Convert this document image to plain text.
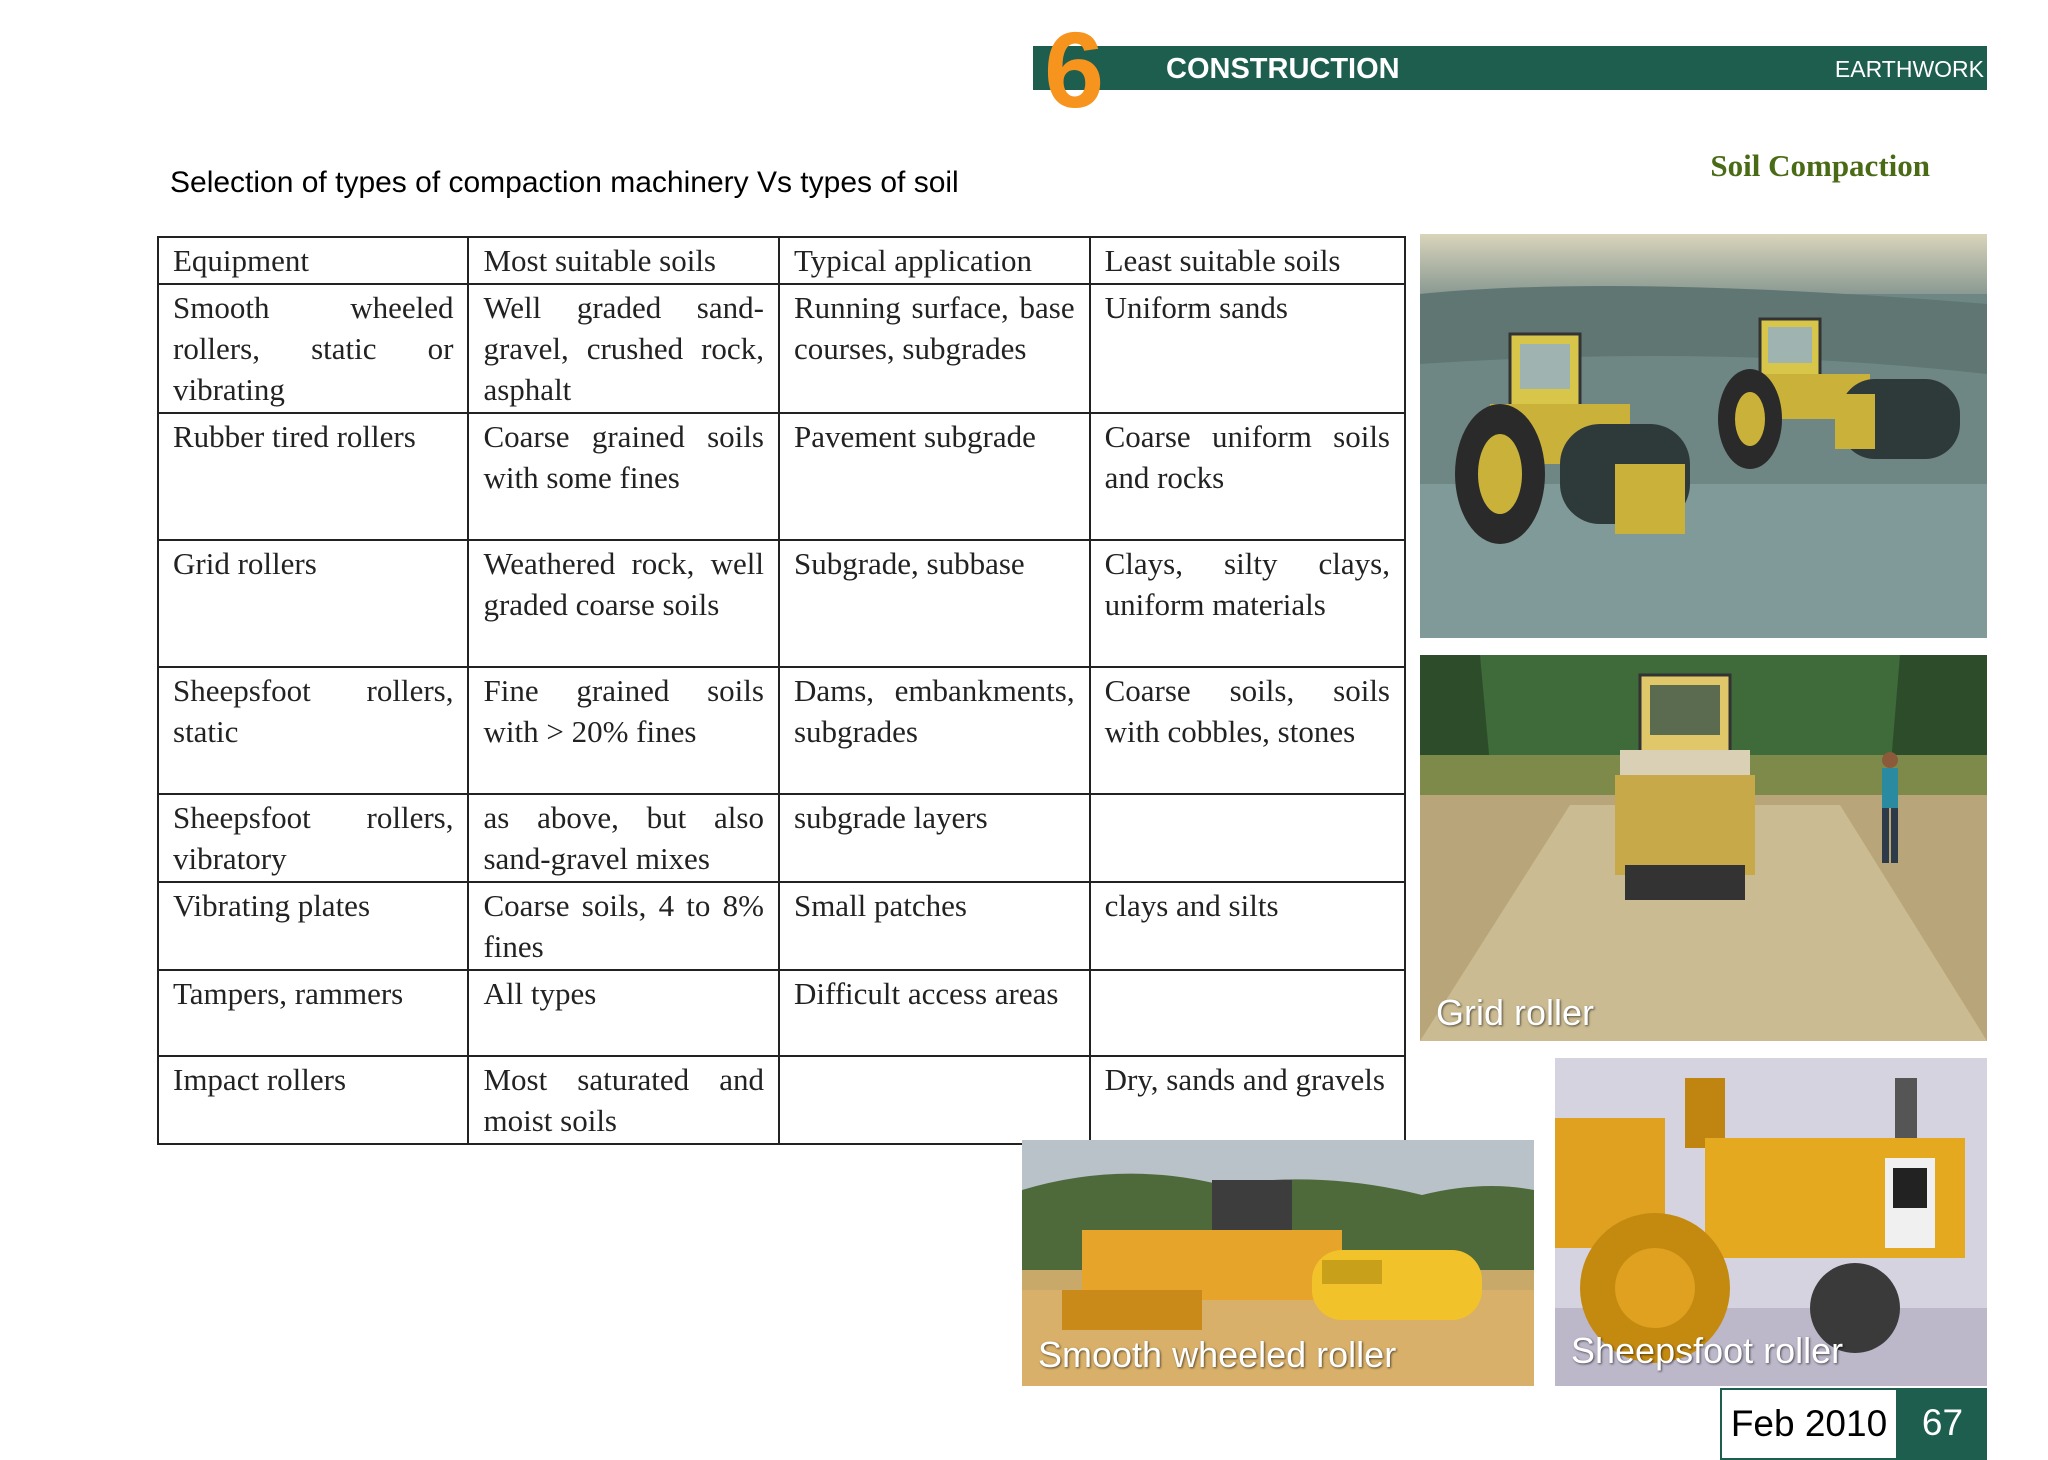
6 CONSTRUCTION	EARTHWORK
Soil Compaction
Selection of types of compaction machinery Vs types of soil
Equipment	Most suitable soils	Typical application	Least suitable soils
Smooth wheeled rollers, static or vibrating	Well graded sand-gravel, crushed rock, asphalt	Running surface, base courses, subgrades	Uniform sands
Rubber tired rollers	Coarse grained soils with some fines	Pavement subgrade	Coarse uniform soils and rocks
Grid rollers	Weathered rock, well graded coarse soils	Subgrade, subbase	Clays, silty clays, uniform materials
Sheepsfoot rollers, static	Fine grained soils with > 20% fines	Dams, embankments, subgrades	Coarse soils, soils with cobbles, stones
Sheepsfoot rollers, vibratory	as above, but also sand-gravel mixes	subgrade layers	
Vibrating plates	Coarse soils, 4 to 8% fines	Small patches	clays and silts
Tampers, rammers	All types	Difficult access areas	
Impact rollers	Most saturated and moist soils		Dry, sands and gravels
Grid roller
Smooth wheeled roller	Sheepsfoot roller
Feb 2010 67
